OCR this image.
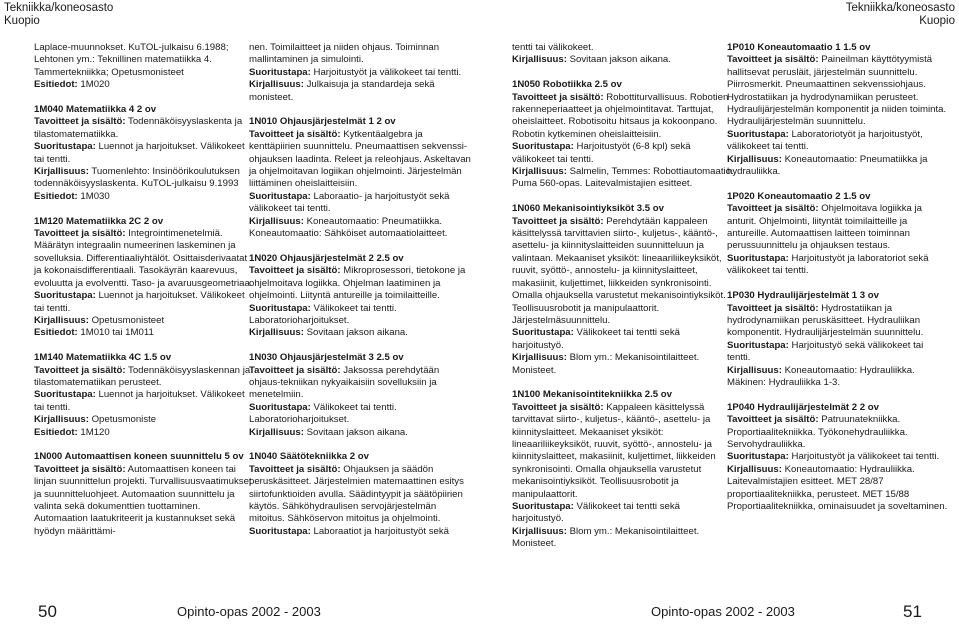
Tekniikka/koneosasto
Kuopio
Tekniikka/koneosasto
Kuopio

Laplace-muunnokset. KuTOL-julkaisu 6.1988; Lehtonen ym.: Teknillinen matematiikka 4. Tammertekniikka; Opetusmonisteet

Esitiedot: 1M020

1M040 Matematiikka 4 2 ov

Tavoitteet ja sisältö: Todennäköisyyslaskenta ja tilastomatematiikka.

Suoritustapa: Luennot ja harjoitukset. Välikokeet tai tentti.

Kirjallisuus: Tuomenlehto: Insinöörikoulutuksen todennäköisyyslaskenta. KuTOL-julkaisu 9.1993

Esitiedot: 1M030

1M120 Matematiikka 2C 2 ov

Tavoitteet ja sisältö: Integrointimenetelmiä. Määrätyn integraalin numeerinen laskeminen ja sovelluksia. Differentiaaliyhtälöt. Osittaisderivaatat ja kokonaisdifferentiaali. Tasokäyrän kaarevuus, evoluutta ja evolventti. Taso- ja avaruusgeometriaa.

Suoritustapa: Luennot ja harjoitukset. Välikokeet tai tentti.

Kirjallisuus: Opetusmonisteet

Esitiedot: 1M010 tai 1M011

1M140 Matematiikka 4C 1.5 ov

Tavoitteet ja sisältö: Todennäköisyyslaskennan ja tilastomatematiikan perusteet.

Suoritustapa: Luennot ja harjoitukset. Välikokeet tai tentti.

Kirjallisuus: Opetusmoniste

Esitiedot: 1M120

1N000 Automaattisen koneen suunnittelu 5 ov

Tavoitteet ja sisältö: Automaattisen koneen tai linjan suunnittelun projekti. Turvallisuusvaatimukset ja suunnitteluohjeet. Automaation suunnittelu ja valinta sekä dokumenttien tuottaminen. Automaation laatukriteerit ja kustannukset sekä hyödyn määrittämi-

nen. Toimilaitteet ja niiden ohjaus. Toiminnan mallintaminen ja simulointi.

Suoritustapa: Harjoitustyöt ja välikokeet tai tentti.

Kirjallisuus: Julkaisuja ja standardeja sekä monisteet.

1N010 Ohjausjärjestelmät 1 2 ov

Tavoitteet ja sisältö: Kytkentäalgebra ja kenttäpiirien suunnittelu. Pneumaattisen sekvenssi-ohjauksen laadinta. Releet ja releohjaus. Askeltavan ja ohjelmoitavan logiikan ohjelmointi. Järjestelmän liittäminen oheislaitteisiin.

Suoritustapa: Laboraatio- ja harjoitustyöt sekä välikokeet tai tentti.

Kirjallisuus: Koneautomaatio: Pneumatiikka. Koneautomaatio: Sähköiset automaatiolaitteet.

1N020 Ohjausjärjestelmät 2 2.5 ov

Tavoitteet ja sisältö: Mikroprosessori, tietokone ja ohjelmoitava logiikka. Ohjelman laatiminen ja ohjelmointi. Liityntä antureille ja toimilaitteille.

Suoritustapa: Välikokeet tai tentti. Laboratorioharjoitukset.

Kirjallisuus: Sovitaan jakson aikana.

1N030 Ohjausjärjestelmät 3 2.5 ov

Tavoitteet ja sisältö: Jaksossa perehdytään ohjaus-tekniikan nykyaikaisiin sovelluksiin ja menetelmiin.

Suoritustapa: Välikokeet tai tentti. Laboratorioharjoitukset.

Kirjallisuus: Sovitaan jakson aikana.

1N040 Säätötekniikka 2 ov

Tavoitteet ja sisältö: Ohjauksen ja säädön peruskäsitteet. Järjestelmien matemaattinen esitys siirtofunktioiden avulla. Säädintyypit ja säätöpiirien käytös. Sähköhydraulisen servojärjestelmän mitoitus. Sähköservon mitoitus ja ohjelmointi.

Suoritustapa: Laboraatiot ja harjoitustyöt sekä

tentti tai välikokeet.

Kirjallisuus: Sovitaan jakson aikana.

1N050 Robotiikka 2.5 ov

Tavoitteet ja sisältö: Robottiturvallisuus. Robotien rakenneperiaatteet ja ohjelmointitavat. Tarttujat, oheislaitteet. Robotisoitu hitsaus ja kokoonpano. Robotin kytkeminen oheislaitteisiin.

Suoritustapa: Harjoitustyöt (6-8 kpl) sekä välikokeet tai tentti.

Kirjallisuus: Salmelin, Temmes: Robottiautomaatio. Puma 560-opas. Laitevalmistajien esitteet.

1N060 Mekanisointiyksiköt 3.5 ov

Tavoitteet ja sisältö: Perehdytään kappaleen käsittelyssä tarvittavien siirto-, kuljetus-, kääntö-, asettelu- ja kiinnityslaitteiden suunnitteluun ja valintaan. Mekaaniset yksiköt: lineaariliikeyksiköt, ruuvit, syöttö-, annostelu- ja kiinnityslaitteet, makasiinit, kuljettimet, liikkeiden synkronisointi. Omalla ohjauksella varustetut mekanisointiyksiköt. Teollisuusrobotit ja manipulaattorit. Järjestelmäsuunnittelu.

Suoritustapa: Välikokeet tai tentti sekä harjoitustyö.

Kirjallisuus: Blom ym.: Mekanisointilaitteet. Monisteet.

1N100 Mekanisointitekniikka 2.5 ov

Tavoitteet ja sisältö: Kappaleen käsittelyssä tarvittavat siirto-, kuljetus-, kääntö-, asettelu- ja kiinnityslaitteet. Mekaaniset yksiköt: lineaariliikeyksiköt, ruuvit, syöttö-, annostelu- ja kiinnityslaitteet, makasiinit, kuljettimet, liikkeiden synkronisointi. Omalla ohjauksella varustetut mekanisointiyksiköt. Teollisuusrobotit ja manipulaattorit.

Suoritustapa: Välikokeet tai tentti sekä harjoitustyö.

Kirjallisuus: Blom ym.: Mekanisointilaitteet. Monisteet.

1P010 Koneautomaatio 1 1.5 ov

Tavoitteet ja sisältö: Paineilman käyttötyymistä hallitsevat perusläit, järjestelmän suunnittelu. Piirrosmerkit. Pneumaattinen sekvenssiohjaus. Hydrostatiikan ja hydrodynamiikan perusteet. Hydraulijärjestelmän komponentit ja niiden toiminta. Hydraulijärjestelmän suunnittelu.

Suoritustapa: Laboratoriotyöt ja harjoitustyöt, välikokeet tai tentti.

Kirjallisuus: Koneautomaatio: Pneumatiikka ja hydrauliikka.

1P020 Koneautomaatio 2 1.5 ov

Tavoitteet ja sisältö: Ohjelmoitava logiikka ja anturit. Ohjelmointi, liityntät toimilaitteille ja antureille. Automaattisen laitteen toiminnan perussuunnittelu ja ohjauksen testaus.

Suoritustapa: Harjoitustyöt ja laboratoriot sekä välikokeet tai tentti.

1P030 Hydraulijärjestelmät 1 3 ov

Tavoitteet ja sisältö: Hydrostatiikan ja hydrodynamiikan peruskäsitteet. Hydrauliikan komponentit. Hydraulijärjestelmän suunnittelu.

Suoritustapa: Harjoitustyö sekä välikokeet tai tentti.

Kirjallisuus: Koneautomaatio: Hydrauliikka. Mäkinen: Hydrauliikka 1-3.

1P040 Hydraulijärjestelmät 2 2 ov

Tavoitteet ja sisältö: Patruunatekniikka. Proportiaalitekniikka. Työkonehydrauliikka. Servohydrauliikka.

Suoritustapa: Harjoitustyöt ja välikokeet tai tentti.

Kirjallisuus: Koneautomaatio: Hydrauliikka. Laitevalmistajien esitteet. MET 28/87 proportiaalitekniikka, perusteet. MET 15/88 Proportiaalitekniikka, ominaisuudet ja soveltaminen.

50	Opinto-opas 2002 - 2003	Opinto-opas 2002 - 2003	51
